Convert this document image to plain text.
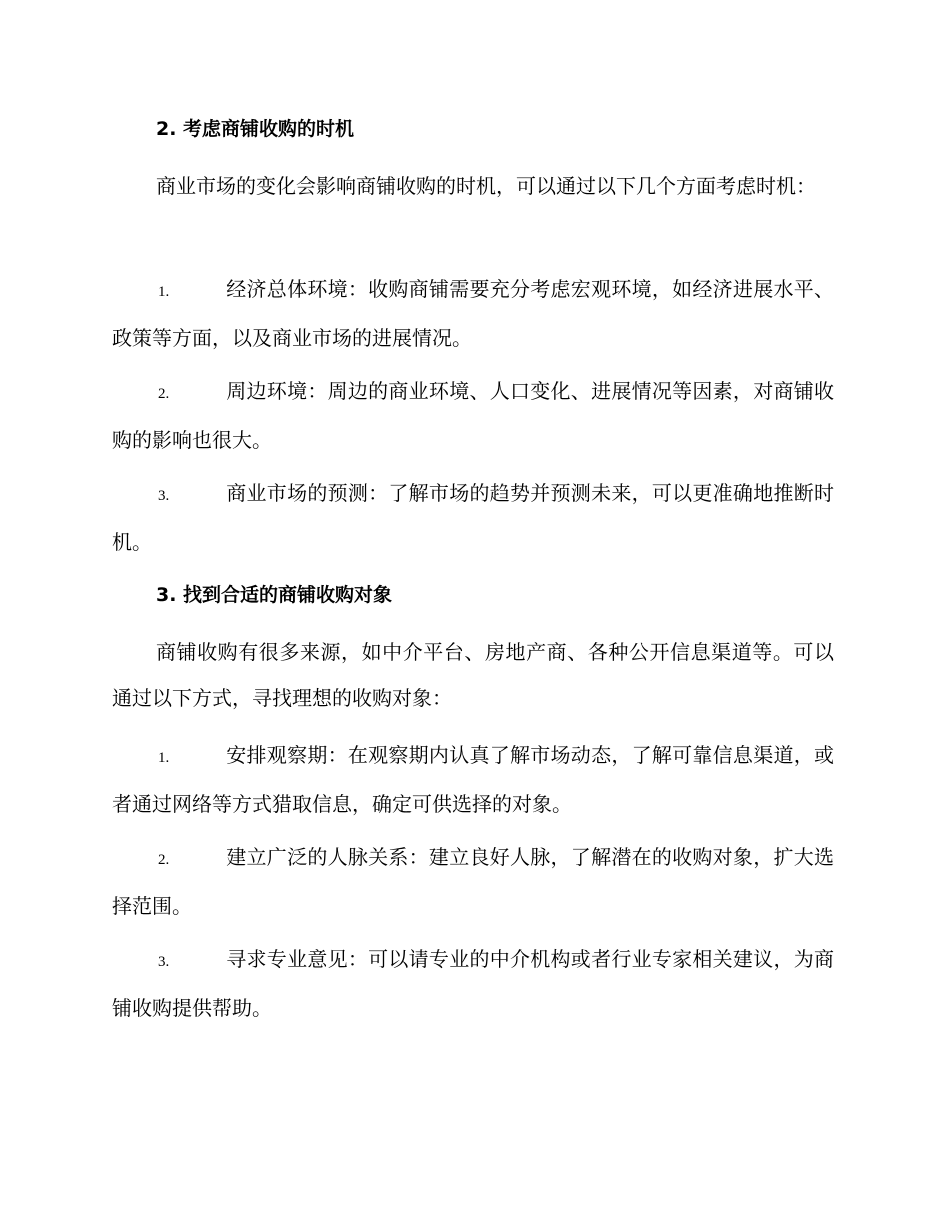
2. 考虑商铺收购的时机

商业市场的变化会影响商铺收购的时机，可以通过以下几个方面考虑时机：

1.	经济总体环境：收购商铺需要充分考虑宏观环境，如经济进展水平、政策等方面，以及商业市场的进展情况。

2.	周边环境：周边的商业环境、人口变化、进展情况等因素，对商铺收购的影响也很大。

3.	商业市场的预测：了解市场的趋势并预测未来，可以更准确地推断时机。

3. 找到合适的商铺收购对象

商铺收购有很多来源，如中介平台、房地产商、各种公开信息渠道等。可以通过以下方式，寻找理想的收购对象：

1.	安排观察期：在观察期内认真了解市场动态，了解可靠信息渠道，或者通过网络等方式猎取信息，确定可供选择的对象。

2.	建立广泛的人脉关系：建立良好人脉，了解潜在的收购对象，扩大选择范围。

3.	寻求专业意见：可以请专业的中介机构或者行业专家相关建议，为商铺收购提供帮助。
